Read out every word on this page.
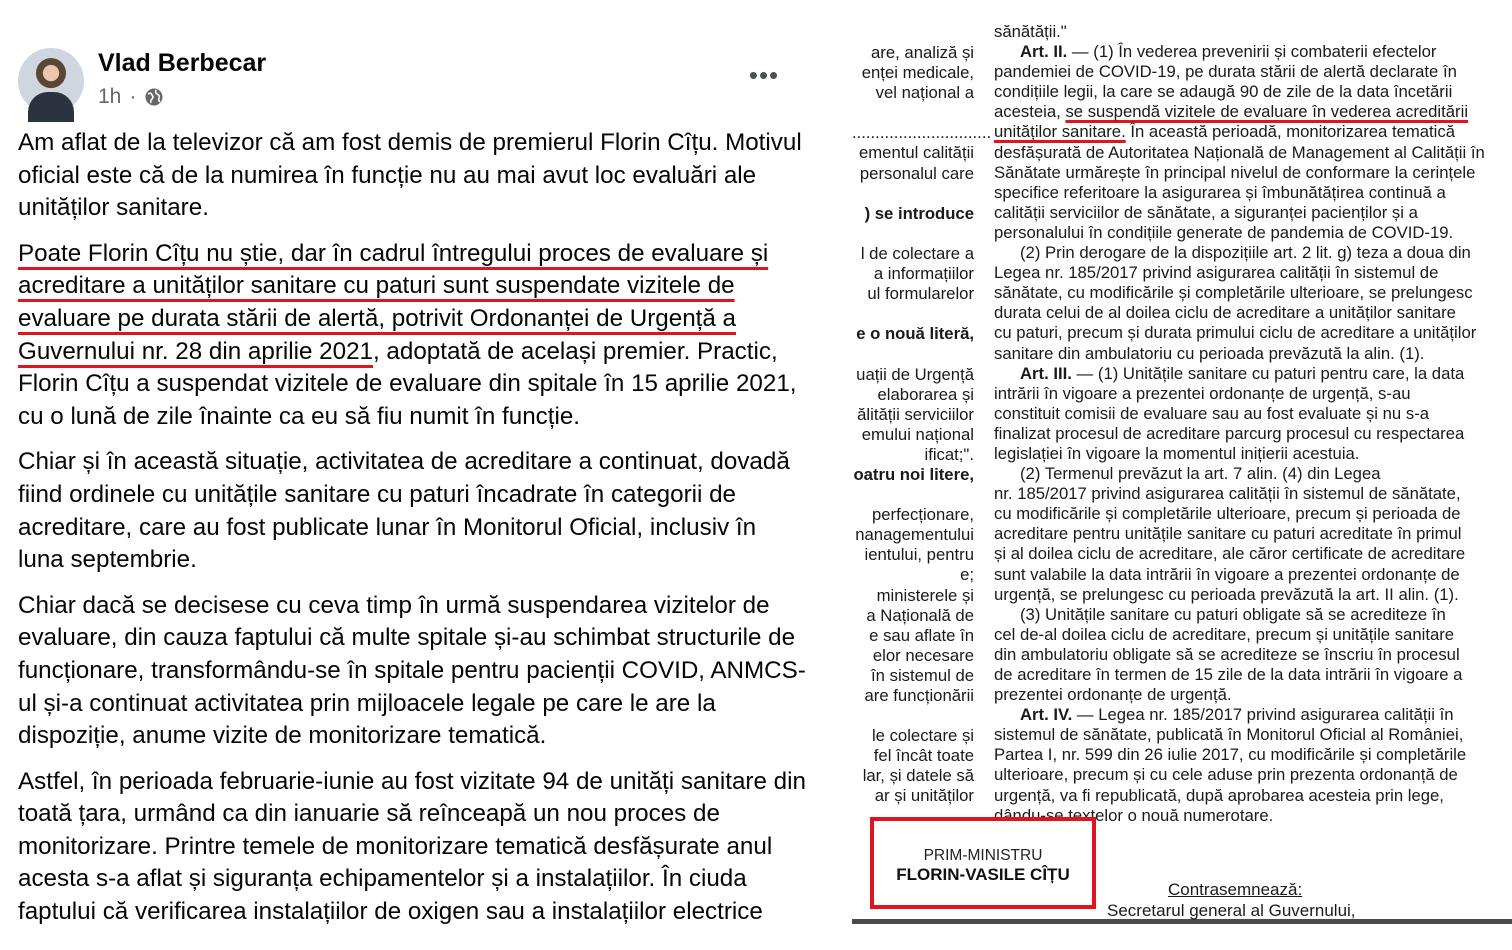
Vlad Berbecar
1h ·
•••

Am aflat de la televizor că am fost demis de premierul Florin Cîțu. Motivul oficial este că de la numirea în funcție nu au mai avut loc evaluări ale unităților sanitare.

Poate Florin Cîțu nu știe, dar în cadrul întregului proces de evaluare și acreditare a unităților sanitare cu paturi sunt suspendate vizitele de evaluare pe durata stării de alertă, potrivit Ordonanței de Urgență a Guvernului nr. 28 din aprilie 2021, adoptată de același premier. Practic, Florin Cîțu a suspendat vizitele de evaluare din spitale în 15 aprilie 2021, cu o lună de zile înainte ca eu să fiu numit în funcție.

Chiar și în această situație, activitatea de acreditare a continuat, dovadă fiind ordinele cu unitățile sanitare cu paturi încadrate în categorii de acreditare, care au fost publicate lunar în Monitorul Oficial, inclusiv în luna septembrie.

Chiar dacă se decisese cu ceva timp în urmă suspendarea vizitelor de evaluare, din cauza faptului că multe spitale și-au schimbat structurile de funcționare, transformându-se în spitale pentru pacienții COVID, ANMCS-ul și-a continuat activitatea prin mijloacele legale pe care le are la dispoziție, anume vizite de monitorizare tematică.

Astfel, în perioada februarie-iunie au fost vizitate 94 de unități sanitare din toată țara, urmând ca din ianuarie să reînceapă un nou proces de monitorizare. Printre temele de monitorizare tematică desfășurate anul acesta s-a aflat și siguranța echipamentelor și a instalațiilor. În ciuda faptului că verificarea instalațiilor de oxigen sau a instalațiilor electrice

are, analiză și
enței medicale,
vel național a
..............................
ementul calității
personalul care
) se introduce
l de colectare a
a informațiilor
ul formularelor
e o nouă literă,
uații de Urgență
elaborarea și
ălității serviciilor
emului național
ificat;".
oatru noi litere,
perfecționare,
nanagementului
ientului, pentru
e;
ministerele și
a Națională de
e sau aflate în
elor necesare
în sistemul de
are funcționării
le colectare și
fel încât toate
lar, și datele să
ar și unităților
sănătății."
Art. II. — (1) În vederea prevenirii și combaterii efectelor
pandemiei de COVID-19, pe durata stării de alertă declarate în
condițiile legii, la care se adaugă 90 de zile de la data încetării
acesteia, se suspendă vizitele de evaluare în vederea acreditării
unităților sanitare. În această perioadă, monitorizarea tematică
desfășurată de Autoritatea Națională de Management al Calității în
Sănătate urmărește în principal nivelul de conformare la cerințele
specifice referitoare la asigurarea și îmbunătățirea continuă a
calității serviciilor de sănătate, a siguranței pacienților și a
personalului în condițiile generate de pandemia de COVID-19.
(2) Prin derogare de la dispozițiile art. 2 lit. g) teza a doua din
Legea nr. 185/2017 privind asigurarea calității în sistemul de
sănătate, cu modificările și completările ulterioare, se prelungesc
durata celui de al doilea ciclu de acreditare a unităților sanitare
cu paturi, precum și durata primului ciclu de acreditare a unităților
sanitare din ambulatoriu cu perioada prevăzută la alin. (1).
Art. III. — (1) Unitățile sanitare cu paturi pentru care, la data
intrării în vigoare a prezentei ordonanțe de urgență, s-au
constituit comisii de evaluare sau au fost evaluate și nu s-a
finalizat procesul de acreditare parcurg procesul cu respectarea
legislației în vigoare la momentul inițierii acestuia.
(2) Termenul prevăzut la art. 7 alin. (4) din Legea
nr. 185/2017 privind asigurarea calității în sistemul de sănătate,
cu modificările și completările ulterioare, precum și perioada de
acreditare pentru unitățile sanitare cu paturi acreditate în primul
și al doilea ciclu de acreditare, ale căror certificate de acreditare
sunt valabile la data intrării în vigoare a prezentei ordonanțe de
urgență, se prelungesc cu perioada prevăzută la art. II alin. (1).
(3) Unitățile sanitare cu paturi obligate să se acrediteze în
cel de-al doilea ciclu de acreditare, precum și unitățile sanitare
din ambulatoriu obligate să se acrediteze se înscriu în procesul
de acreditare în termen de 15 zile de la data intrării în vigoare a
prezentei ordonanțe de urgență.
Art. IV. — Legea nr. 185/2017 privind asigurarea calității în
sistemul de sănătate, publicată în Monitorul Oficial al României,
Partea I, nr. 599 din 26 iulie 2017, cu modificările și completările
ulterioare, precum și cu cele aduse prin prezenta ordonanță de
urgență, va fi republicată, după aprobarea acesteia prin lege,
dându-se textelor o nouă numerotare.
PRIM-MINISTRU
FLORIN-VASILE CÎȚU
Contrasemnează:
Secretarul general al Guvernului,
